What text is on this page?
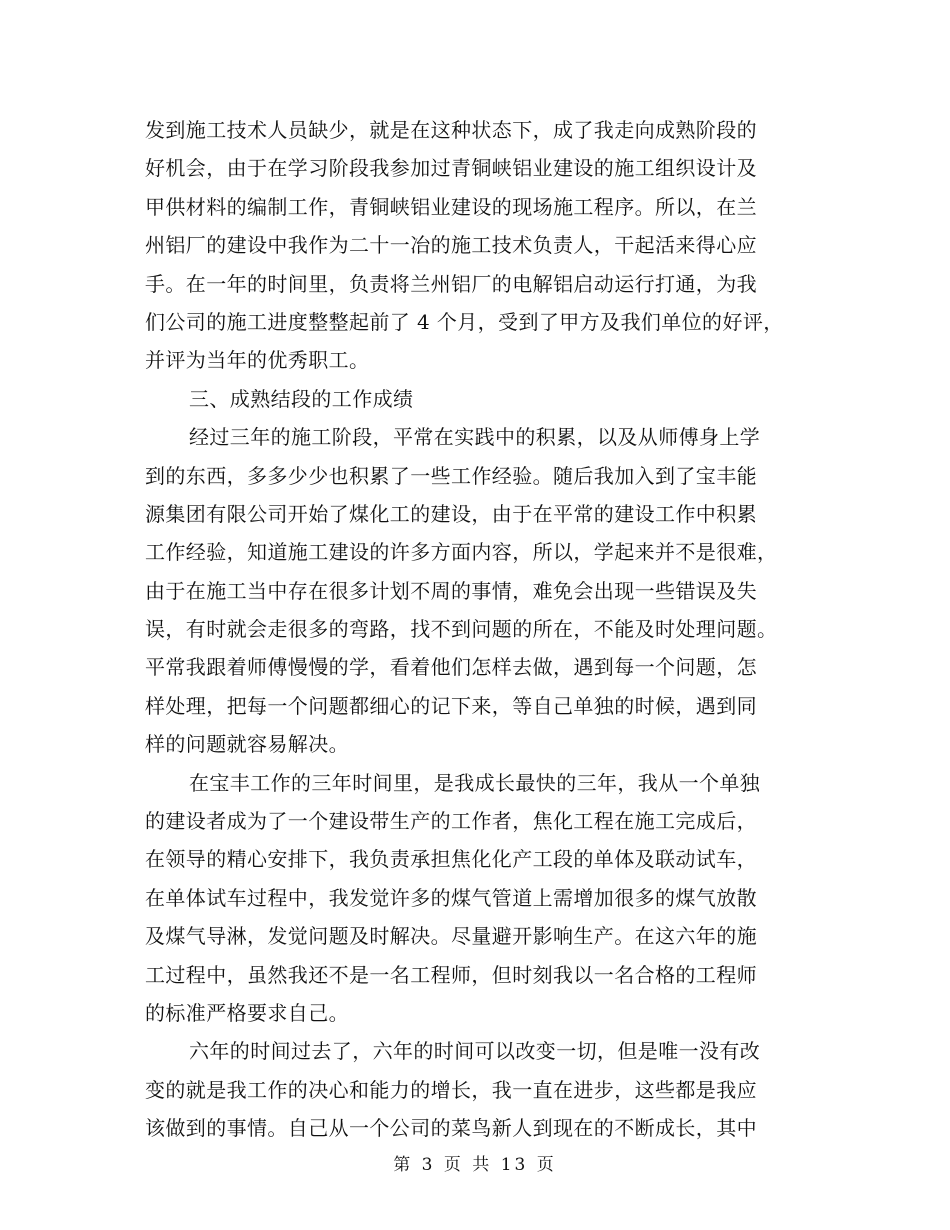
发到施工技术人员缺少，就是在这种状态下，成了我走向成熟阶段的
好机会，由于在学习阶段我参加过青铜峡铝业建设的施工组织设计及
甲供材料的编制工作，青铜峡铝业建设的现场施工程序。所以，在兰
州铝厂的建设中我作为二十一冶的施工技术负责人，干起活来得心应
手。在一年的时间里，负责将兰州铝厂的电解铝启动运行打通，为我
们公司的施工进度整整起前了 4 个月，受到了甲方及我们单位的好评，
并评为当年的优秀职工。
三、成熟结段的工作成绩
经过三年的施工阶段，平常在实践中的积累，以及从师傅身上学
到的东西，多多少少也积累了一些工作经验。随后我加入到了宝丰能
源集团有限公司开始了煤化工的建设，由于在平常的建设工作中积累
工作经验，知道施工建设的许多方面内容，所以，学起来并不是很难，
由于在施工当中存在很多计划不周的事情，难免会出现一些错误及失
误，有时就会走很多的弯路，找不到问题的所在，不能及时处理问题。
平常我跟着师傅慢慢的学，看着他们怎样去做，遇到每一个问题，怎
样处理，把每一个问题都细心的记下来，等自己单独的时候，遇到同
样的问题就容易解决。
在宝丰工作的三年时间里，是我成长最快的三年，我从一个单独
的建设者成为了一个建设带生产的工作者，焦化工程在施工完成后，
在领导的精心安排下，我负责承担焦化化产工段的单体及联动试车，
在单体试车过程中，我发觉许多的煤气管道上需增加很多的煤气放散
及煤气导淋，发觉问题及时解决。尽量避开影响生产。在这六年的施
工过程中，虽然我还不是一名工程师，但时刻我以一名合格的工程师
的标准严格要求自己。
六年的时间过去了，六年的时间可以改变一切，但是唯一没有改
变的就是我工作的决心和能力的增长，我一直在进步，这些都是我应
该做到的事情。自己从一个公司的菜鸟新人到现在的不断成长，其中
第 3 页 共 13 页
